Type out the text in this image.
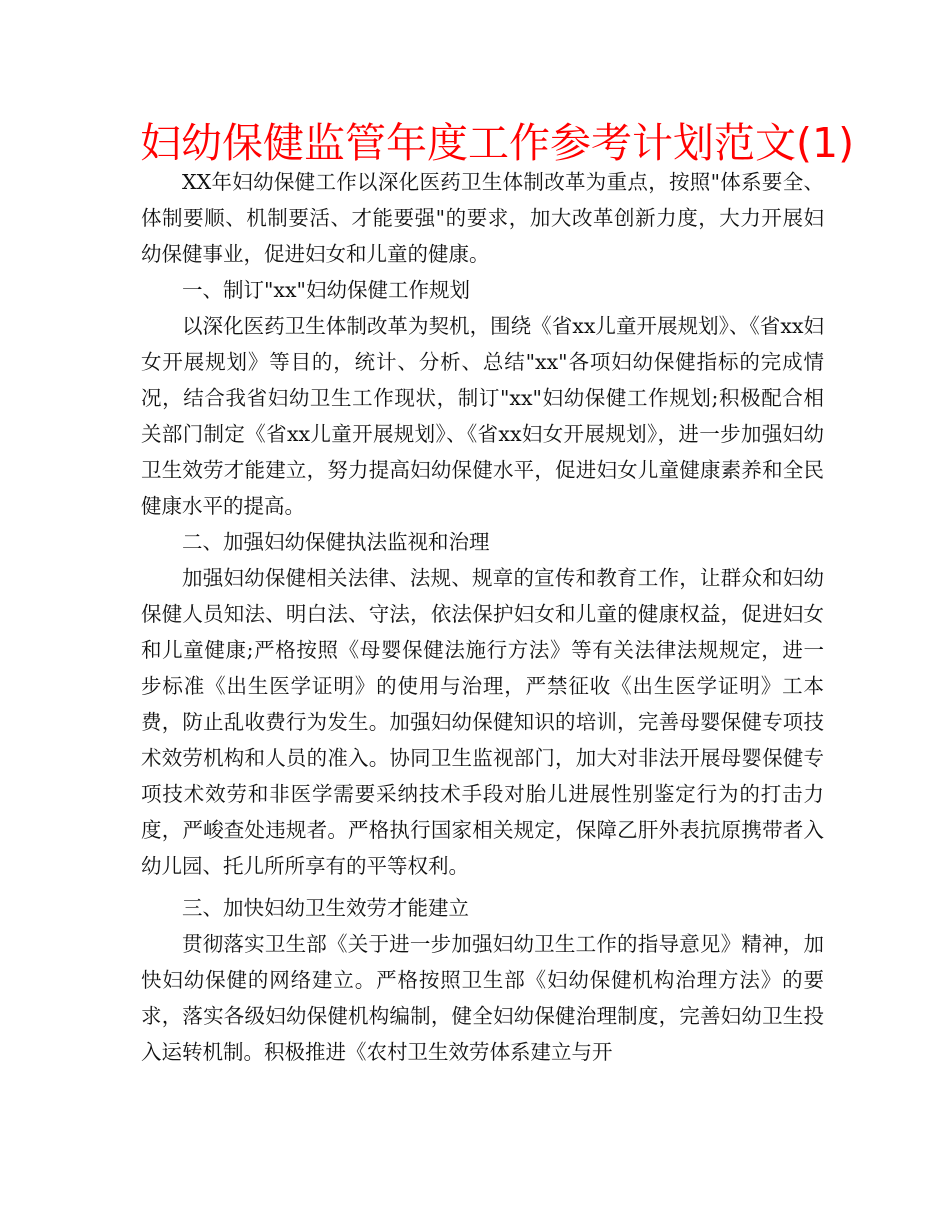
妇幼保健监管年度工作参考计划范文(1)

XX年妇幼保健工作以深化医药卫生体制改革为重点，按照"体系要全、体制要顺、机制要活、才能要强"的要求，加大改革创新力度，大力开展妇幼保健事业，促进妇女和儿童的健康。

一、制订"xx"妇幼保健工作规划

以深化医药卫生体制改革为契机，围绕《省xx儿童开展规划》、《省xx妇女开展规划》等目的，统计、分析、总结"xx"各项妇幼保健指标的完成情况，结合我省妇幼卫生工作现状，制订"xx"妇幼保健工作规划;积极配合相关部门制定《省xx儿童开展规划》、《省xx妇女开展规划》，进一步加强妇幼卫生效劳才能建立，努力提高妇幼保健水平，促进妇女儿童健康素养和全民健康水平的提高。

二、加强妇幼保健执法监视和治理

加强妇幼保健相关法律、法规、规章的宣传和教育工作，让群众和妇幼保健人员知法、明白法、守法，依法保护妇女和儿童的健康权益，促进妇女和儿童健康;严格按照《母婴保健法施行方法》等有关法律法规规定，进一步标准《出生医学证明》的使用与治理，严禁征收《出生医学证明》工本费，防止乱收费行为发生。加强妇幼保健知识的培训，完善母婴保健专项技术效劳机构和人员的准入。协同卫生监视部门，加大对非法开展母婴保健专项技术效劳和非医学需要采纳技术手段对胎儿进展性别鉴定行为的打击力度，严峻查处违规者。严格执行国家相关规定，保障乙肝外表抗原携带者入幼儿园、托儿所所享有的平等权利。

三、加快妇幼卫生效劳才能建立

贯彻落实卫生部《关于进一步加强妇幼卫生工作的指导意见》精神，加快妇幼保健的网络建立。严格按照卫生部《妇幼保健机构治理方法》的要求，落实各级妇幼保健机构编制，健全妇幼保健治理制度，完善妇幼卫生投入运转机制。积极推进《农村卫生效劳体系建立与开
